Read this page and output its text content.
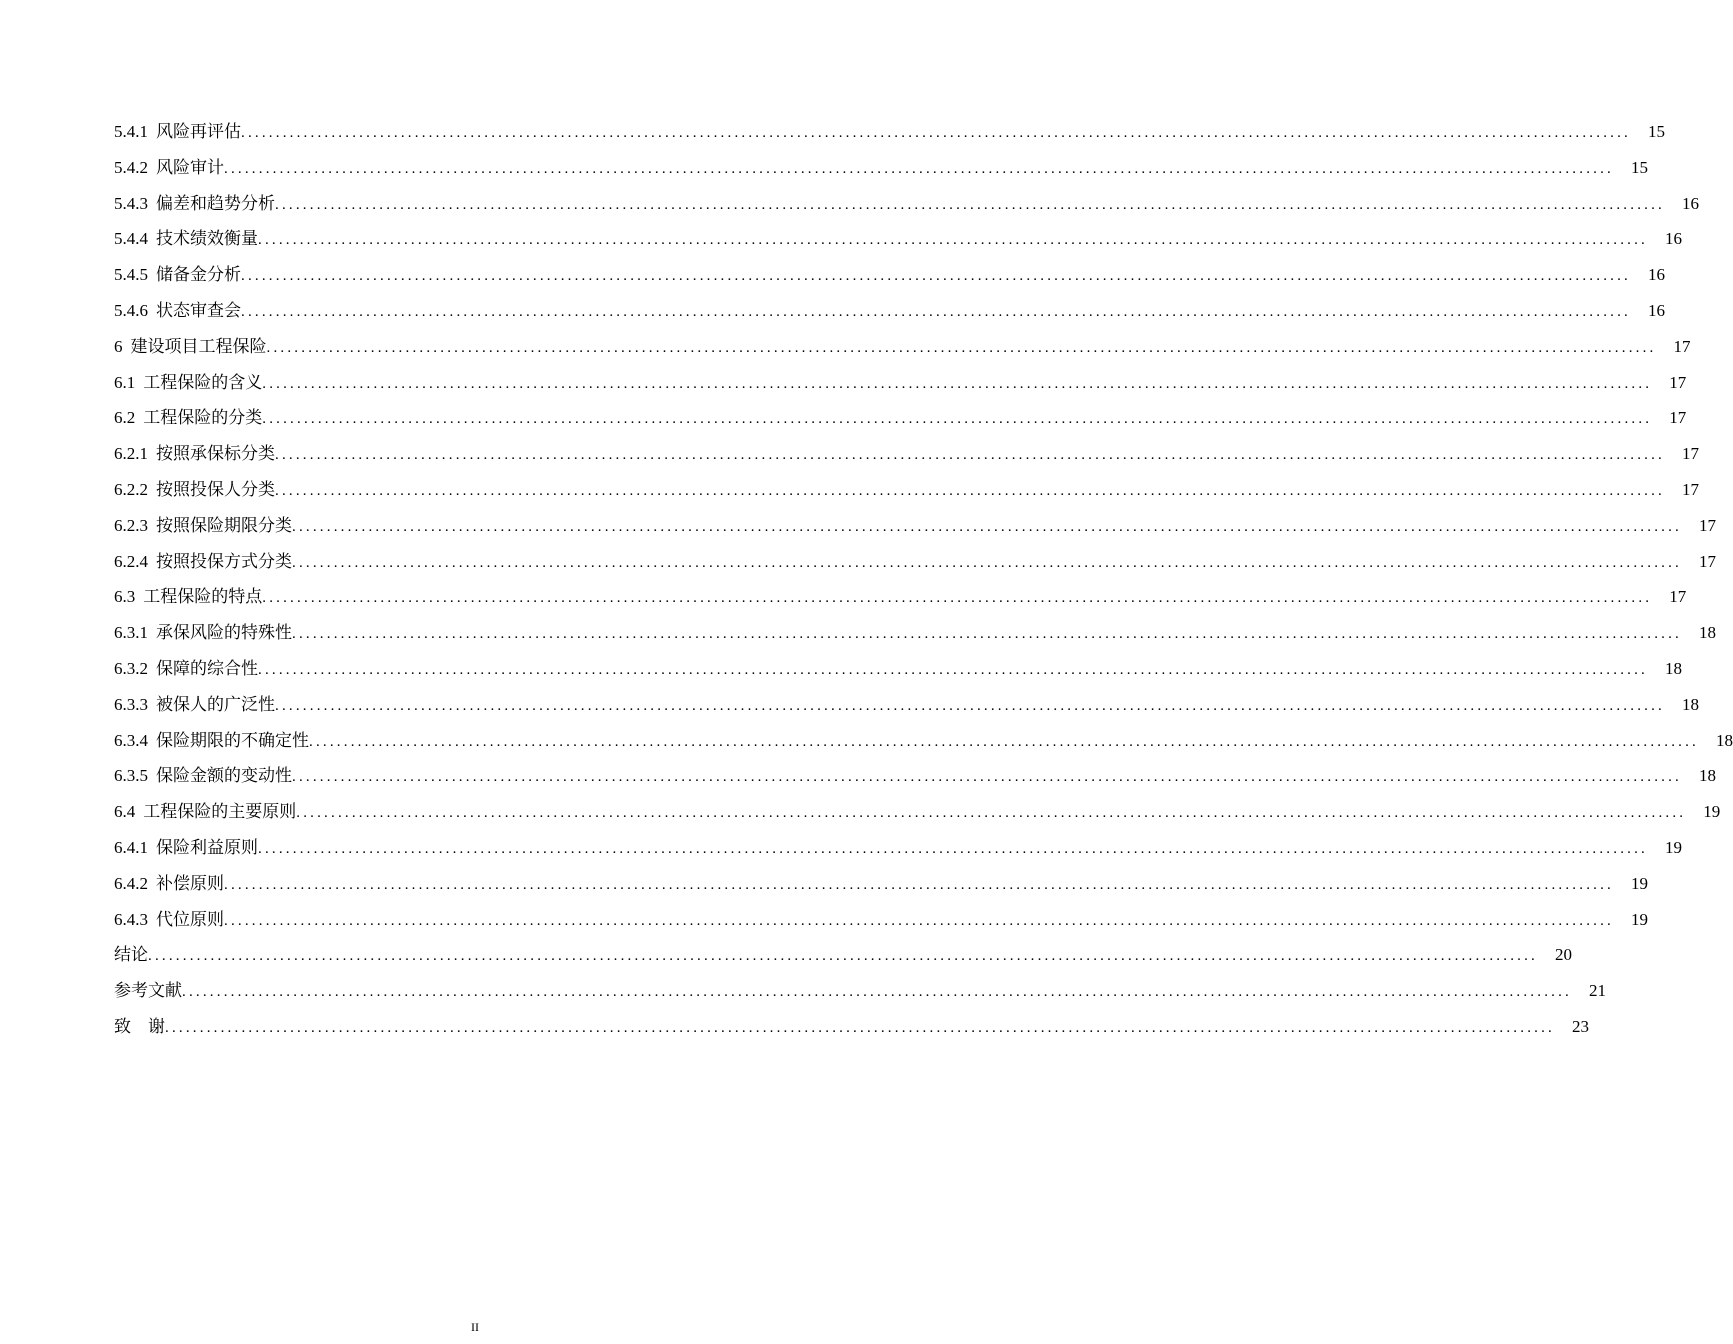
5.4.1 风险再评估 ........................................................................................................................................................................................................ 15
5.4.2 风险审计 ........................................................................................................................................................................................................ 15
5.4.3 偏差和趋势分析 ........................................................................................................................................................................................................ 16
5.4.4 技术绩效衡量 ........................................................................................................................................................................................................ 16
5.4.5 储备金分析 ........................................................................................................................................................................................................ 16
5.4.6 状态审查会 ........................................................................................................................................................................................................ 16
6 建设项目工程保险 ........................................................................................................................................................................................................ 17
6.1 工程保险的含义 ........................................................................................................................................................................................................ 17
6.2 工程保险的分类 ........................................................................................................................................................................................................ 17
6.2.1 按照承保标分类 ........................................................................................................................................................................................................ 17
6.2.2 按照投保人分类 ........................................................................................................................................................................................................ 17
6.2.3 按照保险期限分类 ........................................................................................................................................................................................................ 17
6.2.4 按照投保方式分类 ........................................................................................................................................................................................................ 17
6.3 工程保险的特点 ........................................................................................................................................................................................................ 17
6.3.1 承保风险的特殊性 ........................................................................................................................................................................................................ 18
6.3.2 保障的综合性 ........................................................................................................................................................................................................ 18
6.3.3 被保人的广泛性 ........................................................................................................................................................................................................ 18
6.3.4 保险期限的不确定性 ........................................................................................................................................................................................................ 18
6.3.5 保险金额的变动性 ........................................................................................................................................................................................................ 18
6.4 工程保险的主要原则 ........................................................................................................................................................................................................ 19
6.4.1 保险利益原则 ........................................................................................................................................................................................................ 19
6.4.2 补偿原则 ........................................................................................................................................................................................................ 19
6.4.3 代位原则 ........................................................................................................................................................................................................ 19
结论 ........................................................................................................................................................................................................ 20
参考文献 ........................................................................................................................................................................................................ 21
致　谢 ........................................................................................................................................................................................................ 23
II
